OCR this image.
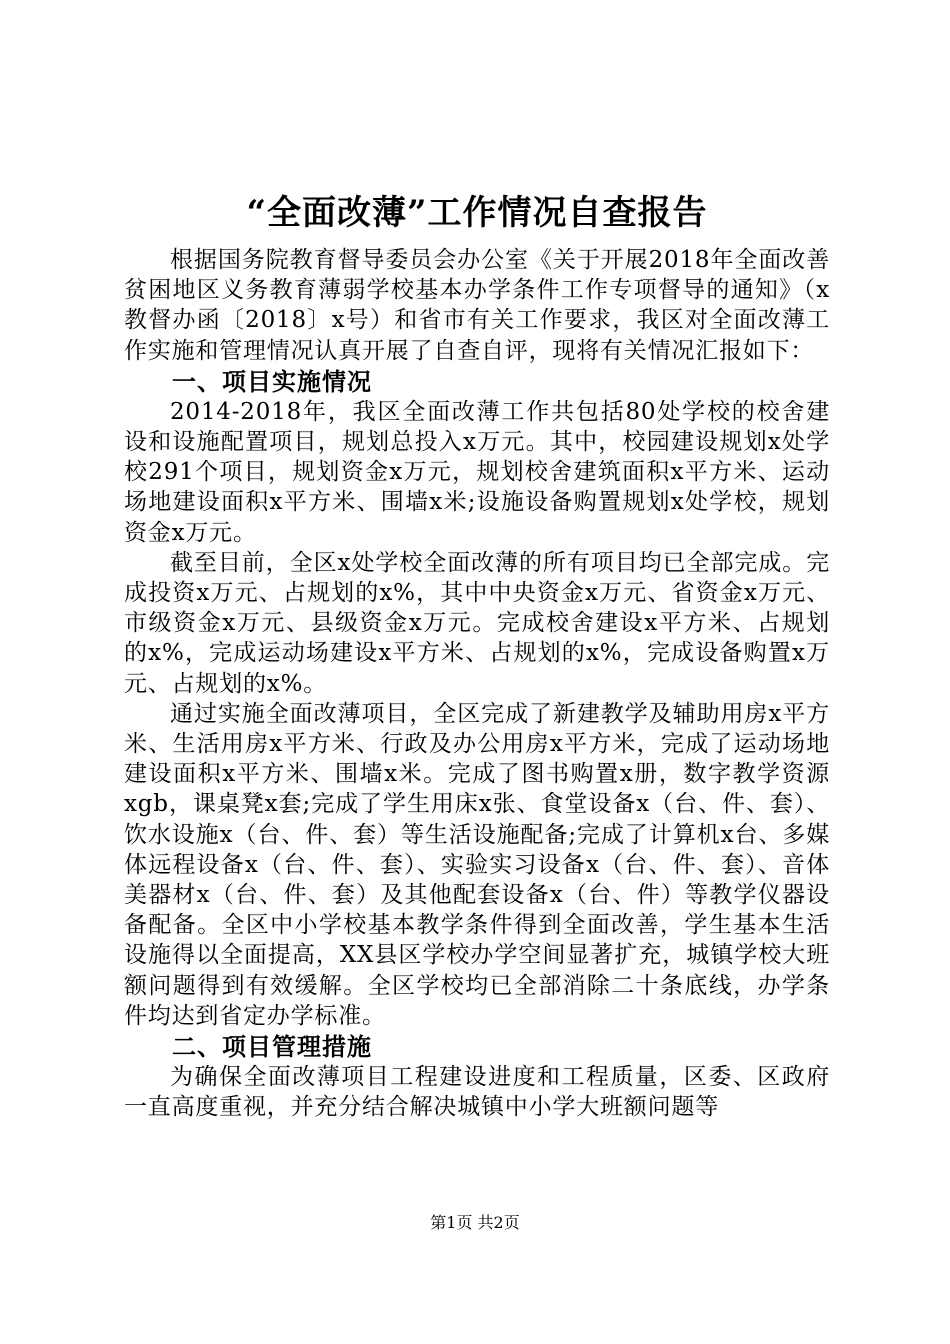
“全面改薄”工作情况自查报告

根据国务院教育督导委员会办公室《关于开展2018年全面改善贫困地区义务教育薄弱学校基本办学条件工作专项督导的通知》（x教督办函〔2018〕x号）和省市有关工作要求，我区对全面改薄工作实施和管理情况认真开展了自查自评，现将有关情况汇报如下：

一、项目实施情况

2014-2018年，我区全面改薄工作共包括80处学校的校舍建设和设施配置项目，规划总投入x万元。其中，校园建设规划x处学校291个项目，规划资金x万元，规划校舍建筑面积x平方米、运动场地建设面积x平方米、围墙x米;设施设备购置规划x处学校，规划资金x万元。

截至目前，全区x处学校全面改薄的所有项目均已全部完成。完成投资x万元、占规划的x%，其中中央资金x万元、省资金x万元、市级资金x万元、县级资金x万元。完成校舍建设x平方米、占规划的x%，完成运动场建设x平方米、占规划的x%，完成设备购置x万元、占规划的x%。

通过实施全面改薄项目，全区完成了新建教学及辅助用房x平方米、生活用房x平方米、行政及办公用房x平方米，完成了运动场地建设面积x平方米、围墙x米。完成了图书购置x册，数字教学资源xgb，课桌凳x套;完成了学生用床x张、食堂设备x（台、件、套）、饮水设施x（台、件、套）等生活设施配备;完成了计算机x台、多媒体远程设备x（台、件、套）、实验实习设备x（台、件、套）、音体美器材x（台、件、套）及其他配套设备x（台、件）等教学仪器设备配备。全区中小学校基本教学条件得到全面改善，学生基本生活设施得以全面提高，XX县区学校办学空间显著扩充，城镇学校大班额问题得到有效缓解。全区学校均已全部消除二十条底线，办学条件均达到省定办学标准。

二、项目管理措施

为确保全面改薄项目工程建设进度和工程质量，区委、区政府一直高度重视，并充分结合解决城镇中小学大班额问题等

第1页 共2页
